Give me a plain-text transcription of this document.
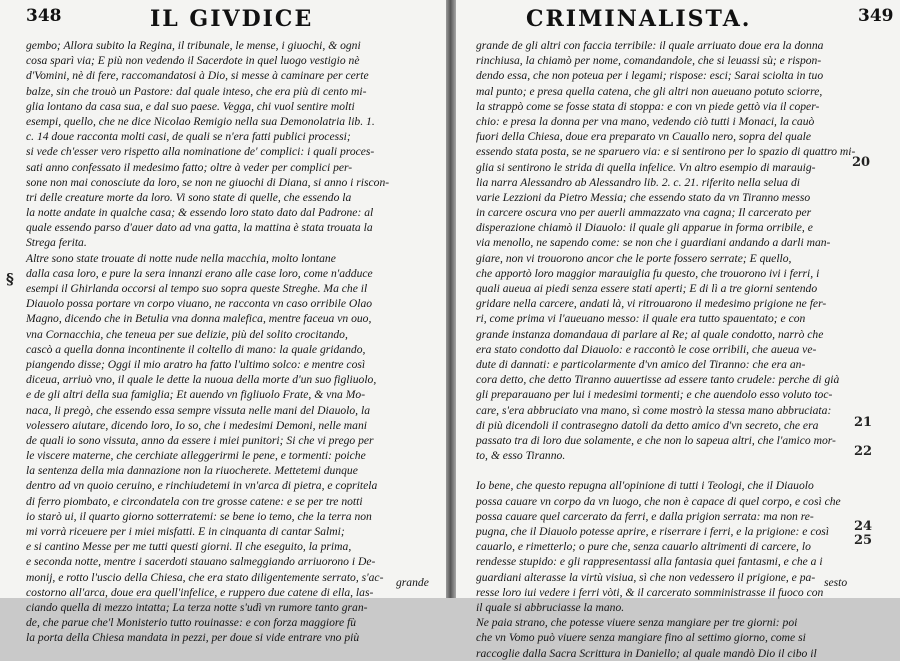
348	IL GIVDICE
gembo; Allora subito la Regina, il tribunale, le mense, i giuochi, & ogni
cosa sparì via; E più non vedendo il Sacerdote in quel luogo vestigio nè
d'Vomini, nè di fere, raccomandatosi à Dio, si messe à caminare per certe
balze, sin che trouò un Pastore: dal quale inteso, che era più di cento mi-
glia lontano da casa sua, e dal suo paese. Vegga, chi vuol sentire molti
esempi, quello, che ne dice Nicolao Remigio nella sua Demonolatria lib. 1.
c. 14 doue racconta molti casi, de quali se n'era fatti publici processi;
si vede ch'esser vero rispetto alla nominatione de' complici: i quali proces-
sati anno confessato il medesimo fatto; oltre à veder per complici per-
sone non mai conosciute da loro, se non ne giuochi di Diana, si anno i riscon-
tri delle creature morte da loro. Vi sono state di quelle, che essendo la
la notte andate in qualche casa; & essendo loro stato dato dal Padrone: al
quale essendo parso d'auer dato ad vna gatta, la mattina è stata trouata la
Strega ferita.
Altre sono state trouate di notte nude nella macchia, molto lontane
dalla casa loro, e pure la sera innanzi erano alle case loro, come n'adduce
esempi il Ghirlanda occorsi al tempo suo sopra queste Streghe. Ma che il
Diauolo possa portare vn corpo viuano, ne racconta vn caso orribile Olao
Magno, dicendo che in Betulia vna donna malefica, mentre faceua vn ouo,
vna Cornacchia, che teneua per sue delizie, più del solito crocitando,
cascò a quella donna incontinente il coltello di mano: la quale gridando,
piangendo disse; Oggi il mio aratro ha fatto l'ultimo solco: e mentre così
diceua, arriuò vno, il quale le dette la nuoua della morte d'un suo figliuolo,
e de gli altri della sua famiglia; Et auendo vn figliuolo Frate, & vna Mo-
naca, li pregò, che essendo essa sempre vissuta nelle mani del Diauolo, la
volessero aiutare, dicendo loro, Io so, che i medesimi Demoni, nelle mani
de quali io sono vissuta, anno da essere i miei punitori; Si che vi prego per
le viscere materne, che cerchiate alleggerirmi le pene, e tormenti: poiche
la sentenza della mia dannazione non la riuocherete. Mettetemi dunque
dentro ad vn quoio ceruino, e rinchiudetemi in vn'arca di pietra, e copritela
di ferro piombato, e circondatela con tre grosse catene: e se per tre notti
io starò ui, il quarto giorno sotterratemi: se bene io temo, che la terra non
mi vorrà riceuere per i miei misfatti. E in cinquanta di cantar Salmi;
e si cantino Messe per me tutti questi giorni. Il che eseguito, la prima,
e seconda notte, mentre i sacerdoti stauano salmeggiando arriuorono i De-
monij, e rotto l'uscio della Chiesa, che era stato diligentemente serrato, s'ac-
costorno all'arca, doue era quell'infelice, e ruppero due catene di ella, las-
ciando quella di mezzo intatta; La terza notte s'udì vn rumore tanto gran-
de, che parue che'l Monisterio tutto rouinasse: e con forza maggiore fù
la porta della Chiesa mandata in pezzi, per doue si vide entrare vno più
grande
§
CRIMINALISTA.	349
grande de gli altri con faccia terribile: il quale arriuato doue era la donna
rinchiusa, la chiamò per nome, comandandole, che si leuassi sù; e rispon-
dendo essa, che non poteua per i legami; rispose: esci; Sarai sciolta in tuo
mal punto; e presa quella catena, che gli altri non aueuano potuto sciorre,
la strappò come se fosse stata di stoppa: e con vn piede gettò via il coper-
chio: e presa la donna per vna mano, vedendo ciò tutti i Monaci, la cauò
fuori della Chiesa, doue era preparato vn Cauallo nero, sopra del quale
essendo stata posta, se ne sparuero via: e si sentirono per lo spazio di quattro mi-
glia si sentirono le strida di quella infelice. Vn altro esempio di marauig-
lia narra Alessandro ab Alessandro lib. 2. c. 21. riferito nella selua di
varie Lezzioni da Pietro Messia; che essendo stato da vn Tiranno messo
in carcere oscura vno per auerli ammazzato vna cagna; Il carcerato per
disperazione chiamò il Diauolo: il quale gli apparue in forma orribile, e
via menollo, ne sapendo come: se non che i guardiani andando a darli man-
giare, non vi trouorono ancor che le porte fossero serrate; E quello,
che apportò loro maggior marauiglia fu questo, che trouorono ivi i ferri, i
quali aueua ai piedi senza essere stati aperti; E di lì a tre giorni sentendo
gridare nella carcere, andati là, vi ritrouarono il medesimo prigione ne fer-
ri, come prima vi l'aueuano messo: il quale era tutto spauentato; e con
grande instanza domandaua di parlare al Re; al quale condotto, narrò che
era stato condotto dal Diauolo: e raccontò le cose orribili, che aueua ve-
dute di dannati: e particolarmente d'vn amico del Tiranno: che era an-
cora detto, che detto Tiranno auuertisse ad essere tanto crudele: perche di già
gli preparauano per lui i medesimi tormenti; e che auendolo esso voluto toc-
care, s'era abbruciato vna mano, sì come mostrò la stessa mano abbruciata:
di più dicendoli il contrasegno datoli da detto amico d'vn secreto, che era
passato tra di loro due solamente, e che non lo sapeua altri, che l'amico mor-
to, & esso Tiranno.
Io bene, che questo repugna all'opinione di tutti i Teologi, che il Diauolo
possa cauare vn corpo da vn luogo, che non è capace di quel corpo, e così che
possa cauare quel carcerato da ferri, e dalla prigion serrata: ma non re-
pugna, che il Diauolo potesse aprire, e riserrare i ferri, e la prigione: e così
cauarlo, e rimetterlo; o pure che, senza cauarlo altrimenti di carcere, lo
rendesse stupido: e gli rappresentassi alla fantasia quei fantasmi, e che a i
guardiani alterasse la virtù visiua, sì che non vedessero il prigione, e pa-
resse loro iui vedere i ferri vòti, & il carcerato somministrasse il fuoco con
il quale si abbruciasse la mano.
Ne paia strano, che potesse viuere senza mangiare per tre giorni: poi
che vn Vomo può viuere senza mangiare fino al settimo giorno, come si
raccoglie dalla Sacra Scrittura in Daniello; al quale mandò Dio il cibo il
sesto
20
21
22
24
25
